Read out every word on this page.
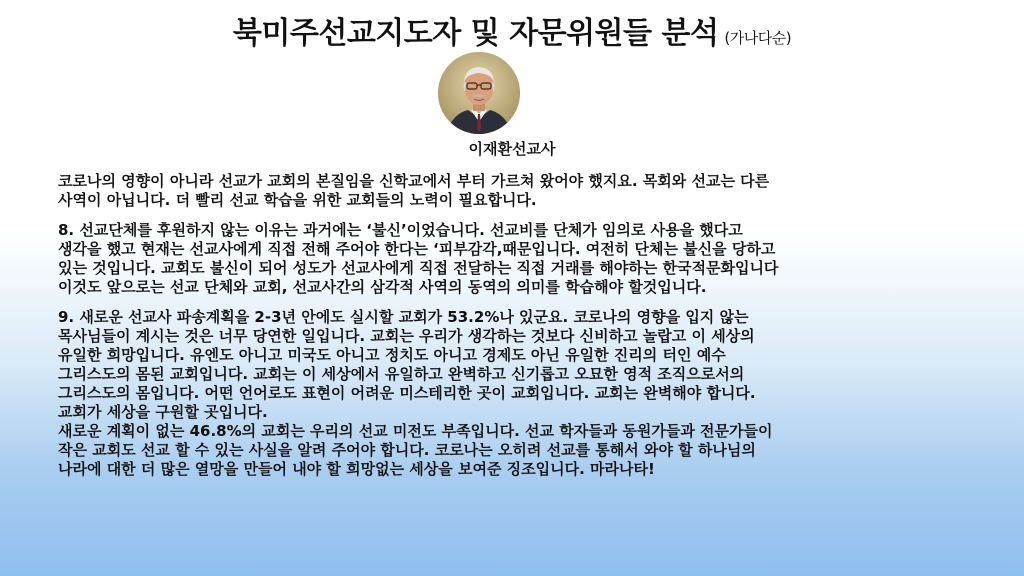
북미주선교지도자 및 자문위원들 분석 (가나다순)
이재환선교사

코로나의 영향이 아니라 선교가 교회의 본질임을 신학교에서 부터 가르쳐 왔어야 했지요. 목회와 선교는 다른
사역이 아닙니다. 더 빨리 선교 학습을 위한 교회들의 노력이 필요합니다.

8. 선교단체를 후원하지 않는 이유는 과거에는 ‘불신’이었습니다. 선교비를 단체가 임의로 사용을 했다고
생각을 했고 현재는 선교사에게 직접 전해 주어야 한다는 ‘피부감각,때문입니다. 여전히 단체는 불신을 당하고
있는 것입니다. 교회도 불신이 되어 성도가 선교사에게 직접 전달하는 직접 거래를 해야하는 한국적문화입니다
이것도 앞으로는 선교 단체와 교회, 선교사간의 삼각적 사역의 동역의 의미를 학습해야 할것입니다.

9. 새로운 선교사 파송계획을 2-3년 안에도 실시할 교회가 53.2%나 있군요. 코로나의 영향을 입지 않는
목사님들이 계시는 것은 너무 당연한 일입니다. 교회는 우리가 생각하는 것보다 신비하고 놀랍고 이 세상의
유일한 희망입니다. 유엔도 아니고 미국도 아니고 정치도 아니고 경제도 아닌 유일한 진리의 터인 예수
그리스도의 몸된 교회입니다. 교회는 이 세상에서 유일하고 완벽하고 신기롭고 오묘한 영적 조직으로서의
그리스도의 몸입니다. 어떤 언어로도 표현이 어려운 미스테리한 곳이 교회입니다. 교회는 완벽해야 합니다.
교회가 세상을 구원할 곳입니다.
새로운 계획이 없는 46.8%의 교회는 우리의 선교 미전도 부족입니다. 선교 학자들과 동원가들과 전문가들이
작은 교회도 선교 할 수 있는 사실을 알려 주어야 합니다. 코로나는 오히려 선교를 통해서 와야 할 하나님의
나라에 대한 더 많은 열망을 만들어 내야 할 희망없는 세상을 보여준 징조입니다. 마라나타!
